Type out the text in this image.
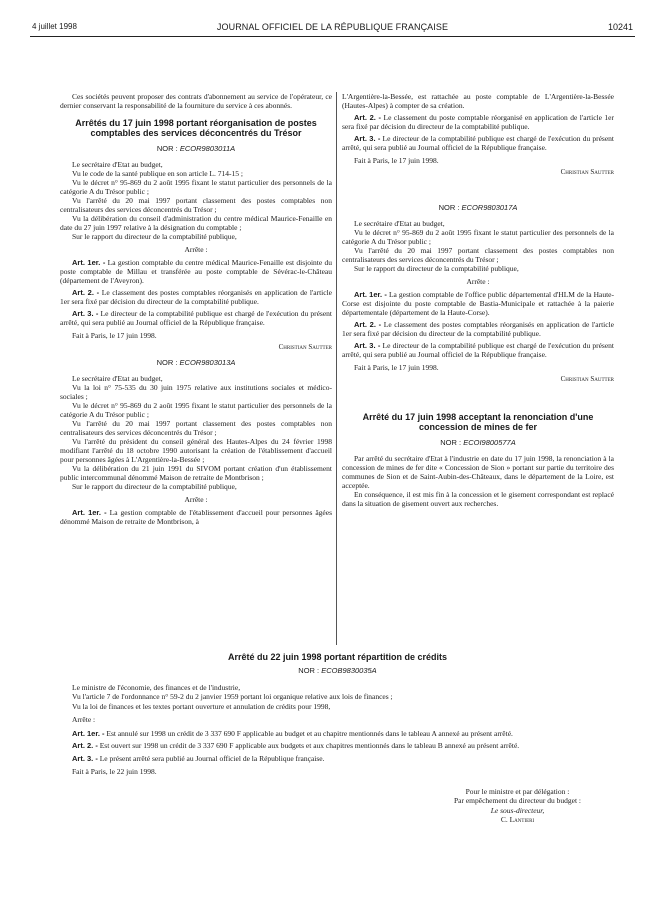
4 juillet 1998	JOURNAL OFFICIEL DE LA RÉPUBLIQUE FRANÇAISE	10241

Ces sociétés peuvent proposer des contrats d'abonnement au service de l'opérateur, ce dernier conservant la responsabilité de la fourniture du service à ces abonnés.

Arrêtés du 17 juin 1998 portant réorganisation de postes comptables des services déconcentrés du Trésor
NOR : ECOR9803011A

Le secrétaire d'Etat au budget,

Vu le code de la santé publique en son article L. 714-15 ;

Vu le décret n° 95-869 du 2 août 1995 fixant le statut particulier des personnels de la catégorie A du Trésor public ;

Vu l'arrêté du 20 mai 1997 portant classement des postes comptables non centralisateurs des services déconcentrés du Trésor ;

Vu la délibération du conseil d'administration du centre médical Maurice-Fenaille en date du 27 juin 1997 relative à la désignation du comptable ;

Sur le rapport du directeur de la comptabilité publique,

Arrête :

Art. 1er. - La gestion comptable du centre médical Maurice-Fenaille est disjointe du poste comptable de Millau et transférée au poste comptable de Sévérac-le-Château (département de l'Aveyron).

Art. 2. - Le classement des postes comptables réorganisés en application de l'article 1er sera fixé par décision du directeur de la comptabilité publique.

Art. 3. - Le directeur de la comptabilité publique est chargé de l'exécution du présent arrêté, qui sera publié au Journal officiel de la République française.

Fait à Paris, le 17 juin 1998.

Christian Sautter
NOR : ECOR9803013A

Le secrétaire d'Etat au budget,

Vu la loi n° 75-535 du 30 juin 1975 relative aux institutions sociales et médico-sociales ;

Vu le décret n° 95-869 du 2 août 1995 fixant le statut particulier des personnels de la catégorie A du Trésor public ;

Vu l'arrêté du 20 mai 1997 portant classement des postes comptables non centralisateurs des services déconcentrés du Trésor ;

Vu l'arrêté du président du conseil général des Hautes-Alpes du 24 février 1998 modifiant l'arrêté du 18 octobre 1990 autorisant la création de l'établissement d'accueil pour personnes âgées à L'Argentière-la-Bessée ;

Vu la délibération du 21 juin 1991 du SIVOM portant création d'un établissement public intercommunal dénommé Maison de retraite de Montbrison ;

Sur le rapport du directeur de la comptabilité publique,

Arrête :

Art. 1er. - La gestion comptable de l'établissement d'accueil pour personnes âgées dénommé Maison de retraite de Montbrison, à

L'Argentière-la-Bessée, est rattachée au poste comptable de L'Argentière-la-Bessée (Hautes-Alpes) à compter de sa création.

Art. 2. - Le classement du poste comptable réorganisé en application de l'article 1er sera fixé par décision du directeur de la comptabilité publique.

Art. 3. - Le directeur de la comptabilité publique est chargé de l'exécution du présent arrêté, qui sera publié au Journal officiel de la République française.

Fait à Paris, le 17 juin 1998.

Christian Sautter
NOR : ECOR9803017A

Le secrétaire d'Etat au budget,

Vu le décret n° 95-869 du 2 août 1995 fixant le statut particulier des personnels de la catégorie A du Trésor public ;

Vu l'arrêté du 20 mai 1997 portant classement des postes comptables non centralisateurs des services déconcentrés du Trésor ;

Sur le rapport du directeur de la comptabilité publique,

Arrête :

Art. 1er. - La gestion comptable de l'office public départemental d'HLM de la Haute-Corse est disjointe du poste comptable de Bastia-Municipale et rattachée à la paierie départementale (département de la Haute-Corse).

Art. 2. - Le classement des postes comptables réorganisés en application de l'article 1er sera fixé par décision du directeur de la comptabilité publique.

Art. 3. - Le directeur de la comptabilité publique est chargé de l'exécution du présent arrêté, qui sera publié au Journal officiel de la République française.

Fait à Paris, le 17 juin 1998.

Christian Sautter
Arrêté du 17 juin 1998 acceptant la renonciation d'une concession de mines de fer
NOR : ECOI9800577A

Par arrêté du secrétaire d'Etat à l'industrie en date du 17 juin 1998, la renonciation à la concession de mines de fer dite « Concession de Sion » portant sur partie du territoire des communes de Sion et de Saint-Aubin-des-Châteaux, dans le département de la Loire, est acceptée.

En conséquence, il est mis fin à la concession et le gisement correspondant est replacé dans la situation de gisement ouvert aux recherches.

Arrêté du 22 juin 1998 portant répartition de crédits
NOR : ECOB9830035A

Le ministre de l'économie, des finances et de l'industrie,

Vu l'article 7 de l'ordonnance n° 59-2 du 2 janvier 1959 portant loi organique relative aux lois de finances ;

Vu la loi de finances et les textes portant ouverture et annulation de crédits pour 1998,

Arrête :

Art. 1er. - Est annulé sur 1998 un crédit de 3 337 690 F applicable au budget et au chapitre mentionnés dans le tableau A annexé au présent arrêté.

Art. 2. - Est ouvert sur 1998 un crédit de 3 337 690 F applicable aux budgets et aux chapitres mentionnés dans le tableau B annexé au présent arrêté.

Art. 3. - Le présent arrêté sera publié au Journal officiel de la République française.

Fait à Paris, le 22 juin 1998.

Pour le ministre et par délégation :
Par empêchement du directeur du budget :
Le sous-directeur,
C. Lantieri
